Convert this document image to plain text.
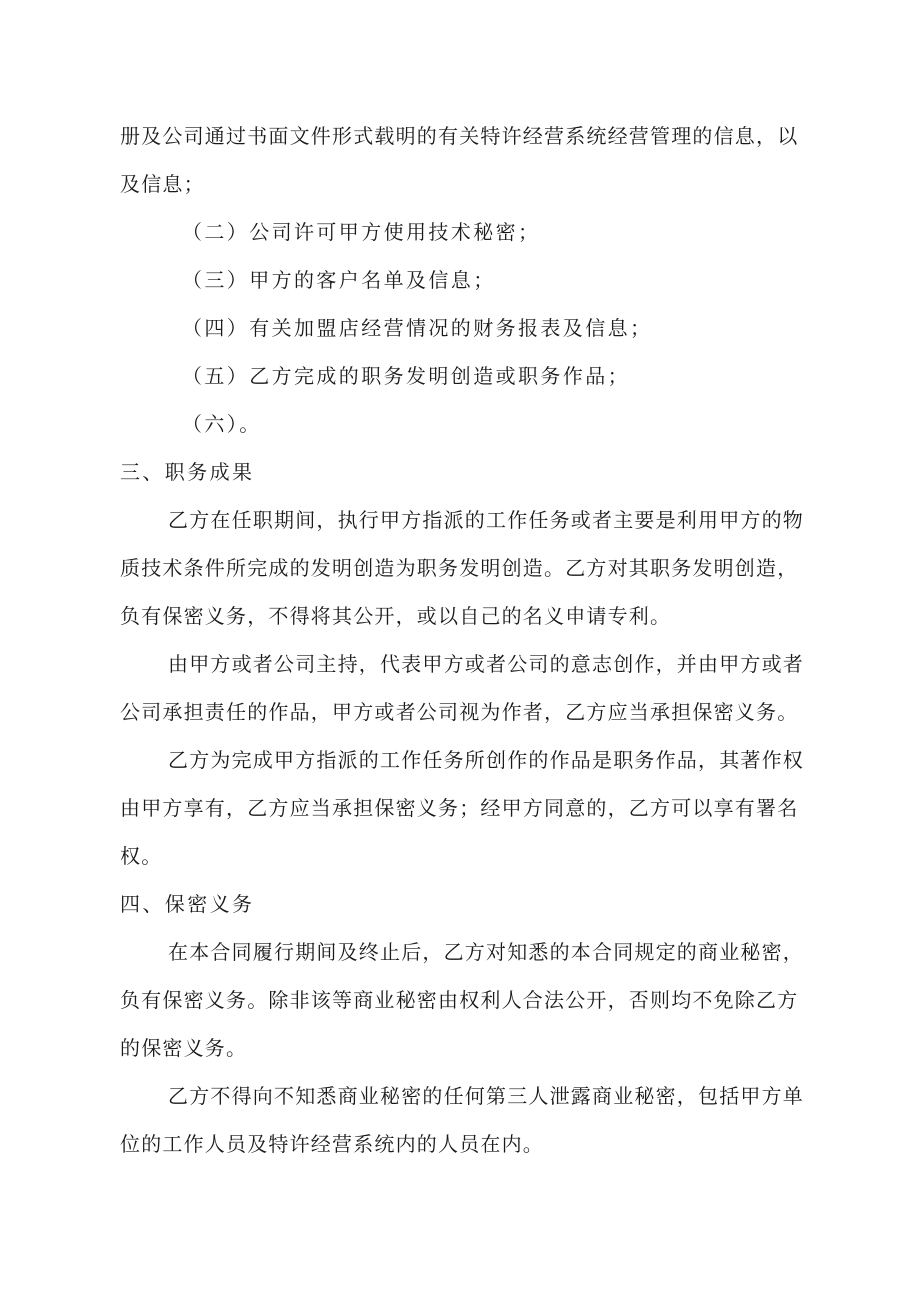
册及公司通过书面文件形式载明的有关特许经营系统经营管理的信息，以
及信息；
（二）公司许可甲方使用技术秘密；
（三）甲方的客户名单及信息；
（四）有关加盟店经营情况的财务报表及信息；
（五）乙方完成的职务发明创造或职务作品；
（六）。
三、职务成果
乙方在任职期间，执行甲方指派的工作任务或者主要是利用甲方的物
质技术条件所完成的发明创造为职务发明创造。乙方对其职务发明创造，
负有保密义务，不得将其公开，或以自己的名义申请专利。
由甲方或者公司主持，代表甲方或者公司的意志创作，并由甲方或者
公司承担责任的作品，甲方或者公司视为作者，乙方应当承担保密义务。
乙方为完成甲方指派的工作任务所创作的作品是职务作品，其著作权
由甲方享有，乙方应当承担保密义务；经甲方同意的，乙方可以享有署名
权。
四、保密义务
在本合同履行期间及终止后，乙方对知悉的本合同规定的商业秘密，
负有保密义务。除非该等商业秘密由权利人合法公开，否则均不免除乙方
的保密义务。
乙方不得向不知悉商业秘密的任何第三人泄露商业秘密，包括甲方单
位的工作人员及特许经营系统内的人员在内。
